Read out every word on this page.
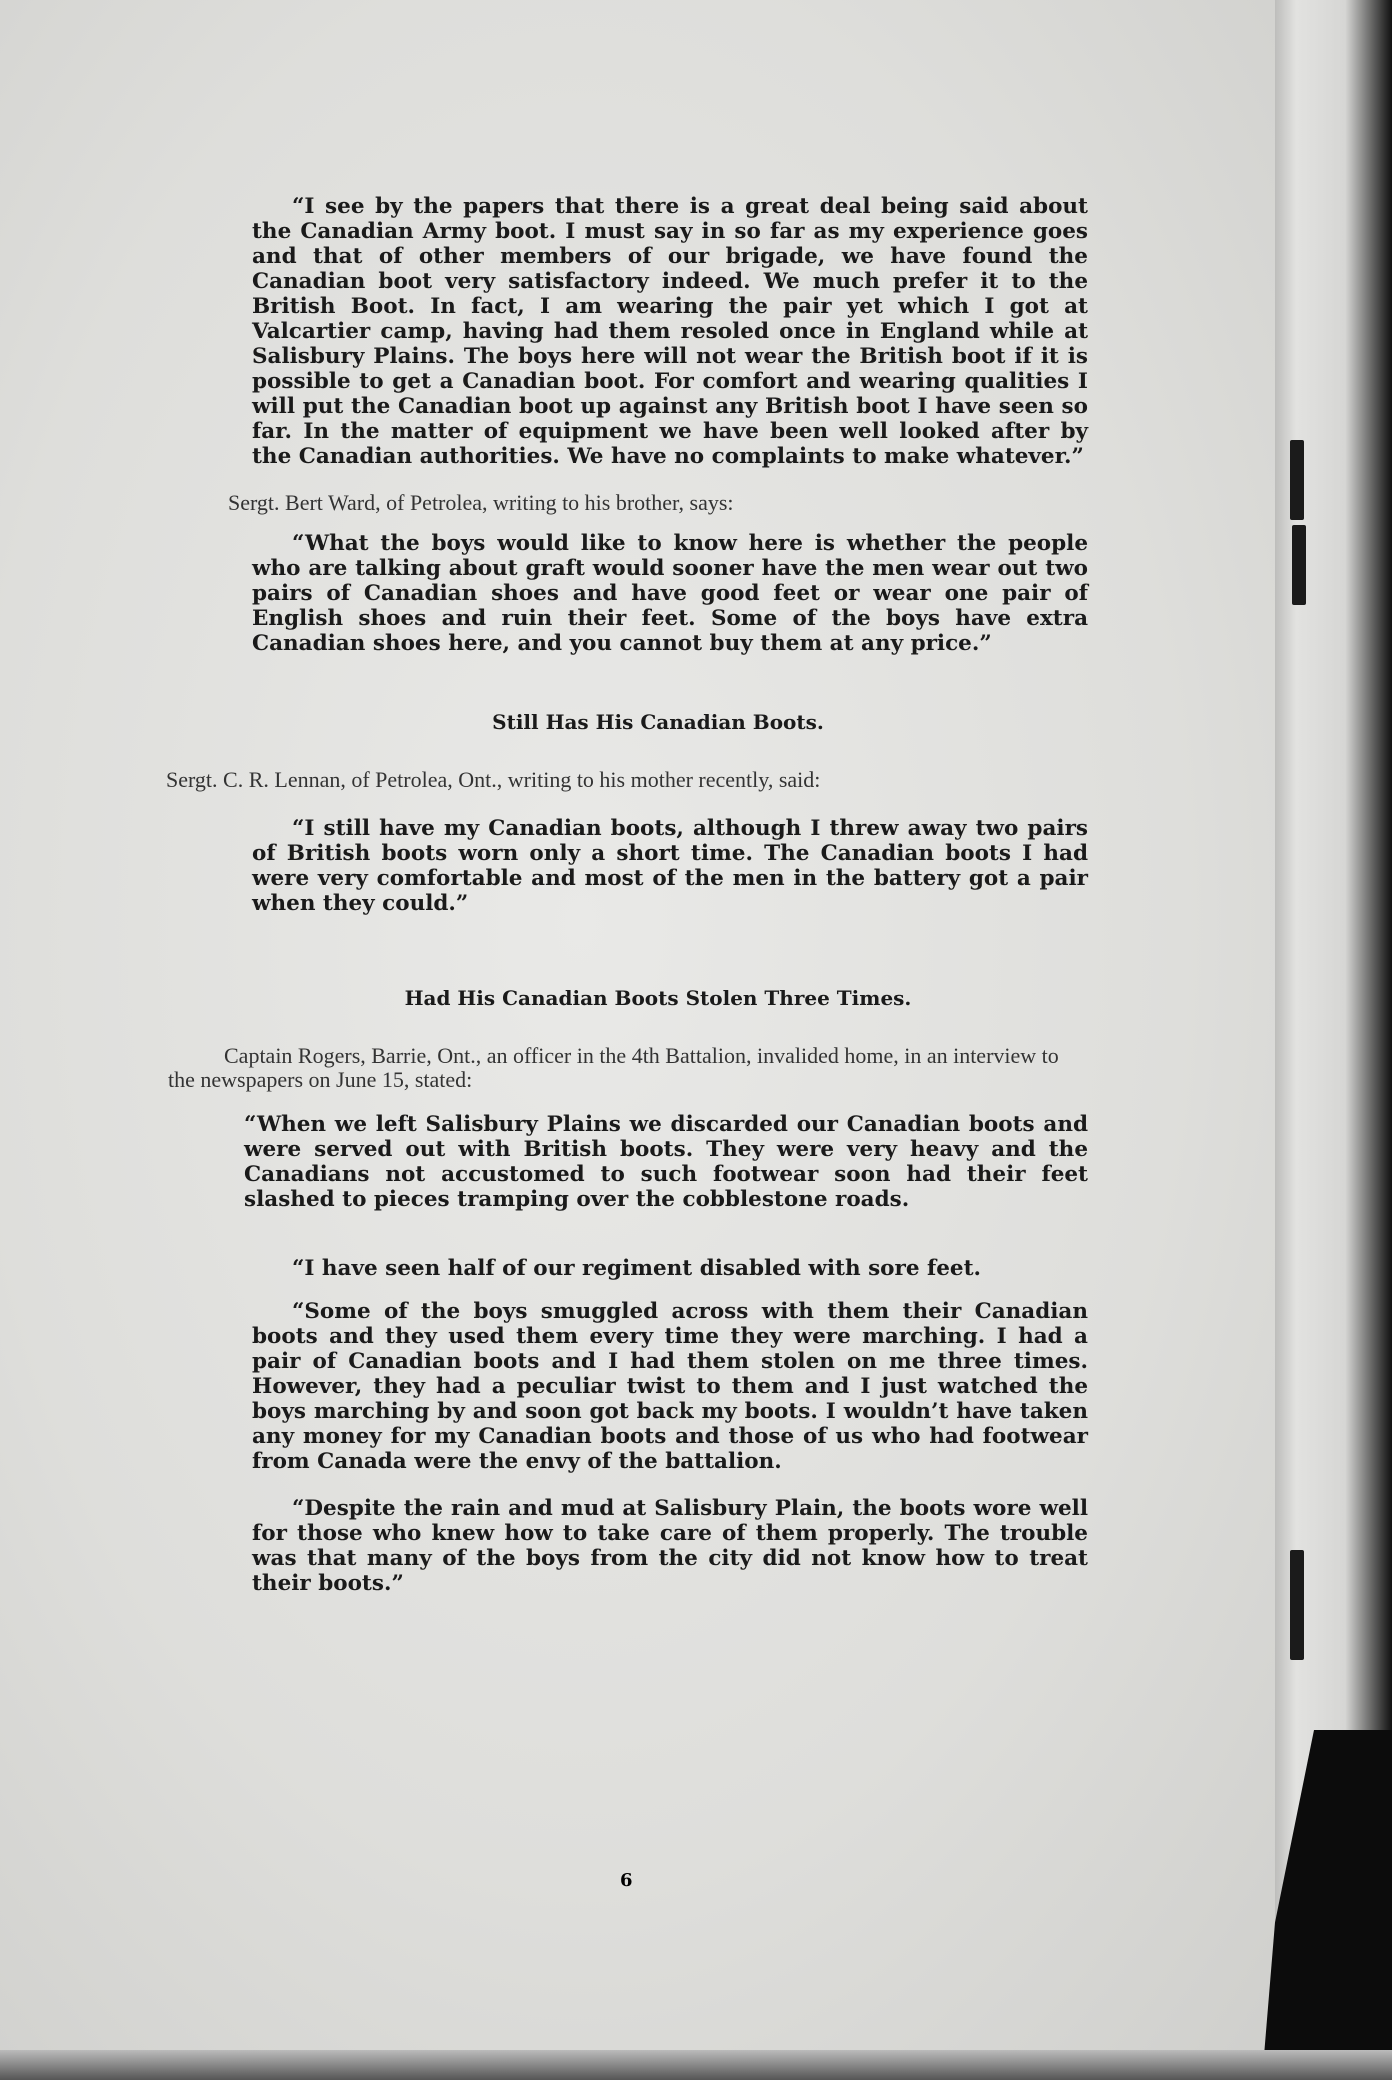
“I see by the papers that there is a great deal being said about the Canadian Army boot. I must say in so far as my experience goes and that of other members of our brigade, we have found the Canadian boot very satisfactory indeed. We much prefer it to the British Boot. In fact, I am wearing the pair yet which I got at Valcartier camp, having had them resoled once in England while at Salisbury Plains. The boys here will not wear the British boot if it is possible to get a Canadian boot. For comfort and wearing qualities I will put the Canadian boot up against any British boot I have seen so far. In the matter of equipment we have been well looked after by the Canadian authorities. We have no complaints to make whatever.”

Sergt. Bert Ward, of Petrolea, writing to his brother, says:

“What the boys would like to know here is whether the people who are talking about graft would sooner have the men wear out two pairs of Canadian shoes and have good feet or wear one pair of English shoes and ruin their feet. Some of the boys have extra Canadian shoes here, and you cannot buy them at any price.”

Still Has His Canadian Boots.

Sergt. C. R. Lennan, of Petrolea, Ont., writing to his mother recently, said:

“I still have my Canadian boots, although I threw away two pairs of British boots worn only a short time. The Canadian boots I had were very comfortable and most of the men in the battery got a pair when they could.”

Had His Canadian Boots Stolen Three Times.

Captain Rogers, Barrie, Ont., an officer in the 4th Battalion, invalided home, in an interview to the newspapers on June 15, stated:

“When we left Salisbury Plains we discarded our Canadian boots and were served out with British boots. They were very heavy and the Canadians not accustomed to such footwear soon had their feet slashed to pieces tramping over the cobblestone roads.

“I have seen half of our regiment disabled with sore feet.

“Some of the boys smuggled across with them their Canadian boots and they used them every time they were marching. I had a pair of Canadian boots and I had them stolen on me three times. However, they had a peculiar twist to them and I just watched the boys marching by and soon got back my boots. I wouldn’t have taken any money for my Canadian boots and those of us who had footwear from Canada were the envy of the battalion.

“Despite the rain and mud at Salisbury Plain, the boots wore well for those who knew how to take care of them properly. The trouble was that many of the boys from the city did not know how to treat their boots.”

6
